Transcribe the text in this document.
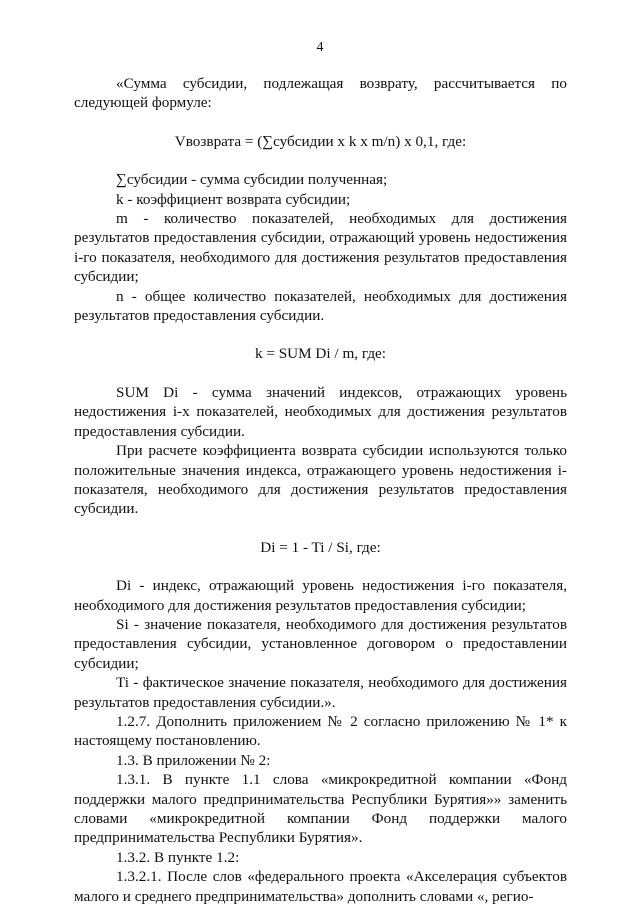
4

«Сумма субсидии, подлежащая возврату, рассчитывается по следующей формуле:

Vвозврата = (∑субсидии x k x m/n) x 0,1, где:

∑субсидии - сумма субсидии полученная;

k - коэффициент возврата субсидии;

m - количество показателей, необходимых для достижения результатов предоставления субсидии, отражающий уровень недостижения i-го показателя, необходимого для достижения результатов предоставления субсидии;

n - общее количество показателей, необходимых для достижения результатов предоставления субсидии.

k = SUM Di / m, где:

SUM Di - сумма значений индексов, отражающих уровень недостижения i-х показателей, необходимых для достижения результатов предоставления субсидии.

При расчете коэффициента возврата субсидии используются только положительные значения индекса, отражающего уровень недостижения i-показателя, необходимого для достижения результатов предоставления субсидии.

Di = 1 - Ti / Si, где:

Di - индекс, отражающий уровень недостижения i-го показателя, необходимого для достижения результатов предоставления субсидии;

Si - значение показателя, необходимого для достижения результатов предоставления субсидии, установленное договором о предоставлении субсидии;

Ti - фактическое значение показателя, необходимого для достижения результатов предоставления субсидии.».

1.2.7. Дополнить приложением № 2 согласно приложению № 1* к настоящему постановлению.

1.3. В приложении № 2:

1.3.1. В пункте 1.1 слова «микрокредитной компании «Фонд поддержки малого предпринимательства Республики Бурятия»» заменить словами «микрокредитной компании Фонд поддержки малого предпринимательства Республики Бурятия».

1.3.2. В пункте 1.2:

1.3.2.1. После слов «федерального проекта «Акселерация субъектов малого и среднего предпринимательства» дополнить словами «, регио-
